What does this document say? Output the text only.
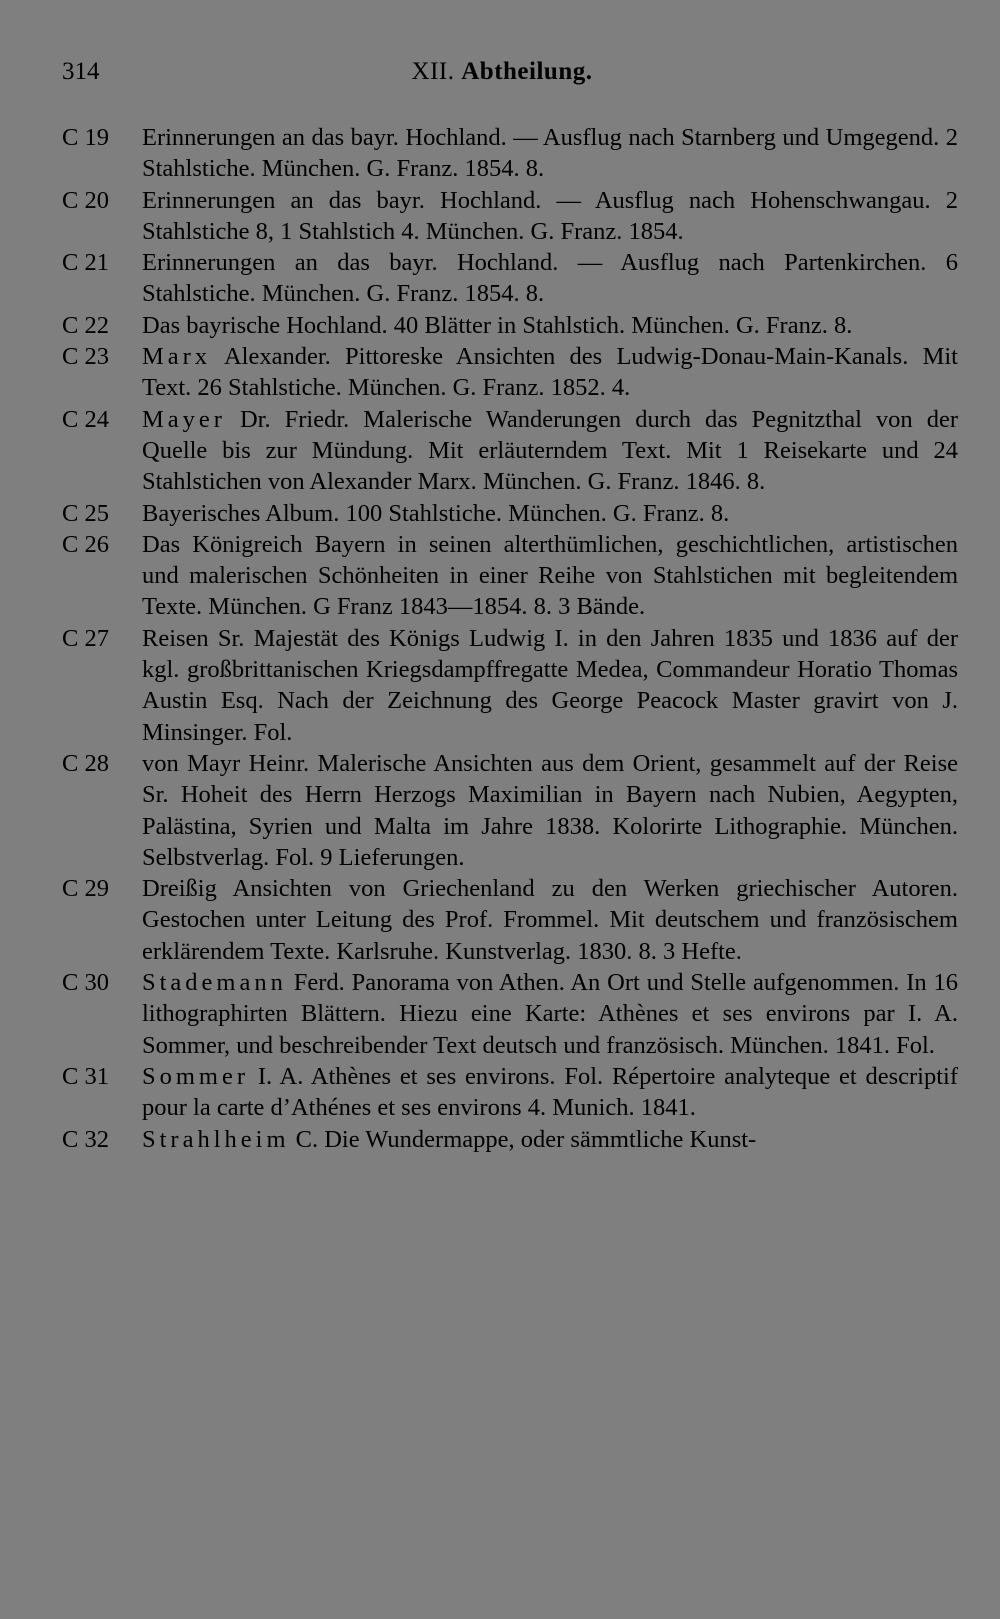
314	XII. Abtheilung.
C 19	Erinnerungen an das bayr. Hochland. — Ausflug nach Starnberg und Umgegend. 2 Stahlstiche. München. G. Franz. 1854. 8.
C 20	Erinnerungen an das bayr. Hochland. — Ausflug nach Hohenschwangau. 2 Stahlstiche 8, 1 Stahlstich 4. München. G. Franz. 1854.
C 21	Erinnerungen an das bayr. Hochland. — Ausflug nach Partenkirchen. 6 Stahlstiche. München. G. Franz. 1854. 8.
C 22	Das bayrische Hochland. 40 Blätter in Stahlstich. München. G. Franz. 8.
C 23	Marx Alexander. Pittoreske Ansichten des Ludwig-Donau-Main-Kanals. Mit Text. 26 Stahlstiche. München. G. Franz. 1852. 4.
C 24	Mayer Dr. Friedr. Malerische Wanderungen durch das Pegnitzthal von der Quelle bis zur Mündung. Mit erläuterndem Text. Mit 1 Reisekarte und 24 Stahlstichen von Alexander Marx. München. G. Franz. 1846. 8.
C 25	Bayerisches Album. 100 Stahlstiche. München. G. Franz. 8.
C 26	Das Königreich Bayern in seinen alterthümlichen, geschichtlichen, artistischen und malerischen Schönheiten in einer Reihe von Stahlstichen mit begleitendem Texte. München. G Franz 1843—1854. 8. 3 Bände.
C 27	Reisen Sr. Majestät des Königs Ludwig I. in den Jahren 1835 und 1836 auf der kgl. großbrittanischen Kriegsdampffregatte Medea, Commandeur Horatio Thomas Austin Esq. Nach der Zeichnung des George Peacock Master gravirt von J. Minsinger. Fol.
C 28	von Mayr Heinr. Malerische Ansichten aus dem Orient, gesammelt auf der Reise Sr. Hoheit des Herrn Herzogs Maximilian in Bayern nach Nubien, Aegypten, Palästina, Syrien und Malta im Jahre 1838. Kolorirte Lithographie. München. Selbstverlag. Fol. 9 Lieferungen.
C 29	Dreißig Ansichten von Griechenland zu den Werken griechischer Autoren. Gestochen unter Leitung des Prof. Frommel. Mit deutschem und französischem erklärendem Texte. Karlsruhe. Kunstverlag. 1830. 8. 3 Hefte.
C 30	Stademann Ferd. Panorama von Athen. An Ort und Stelle aufgenommen. In 16 lithographirten Blättern. Hiezu eine Karte: Athènes et ses environs par I. A. Sommer, und beschreibender Text deutsch und französisch. München. 1841. Fol.
C 31	Sommer I. A. Athènes et ses environs. Fol. Répertoire analyteque et descriptif pour la carte d’Athénes et ses environs 4. Munich. 1841.
C 32	Strahlheim C. Die Wundermappe, oder sämmtliche Kunst-
